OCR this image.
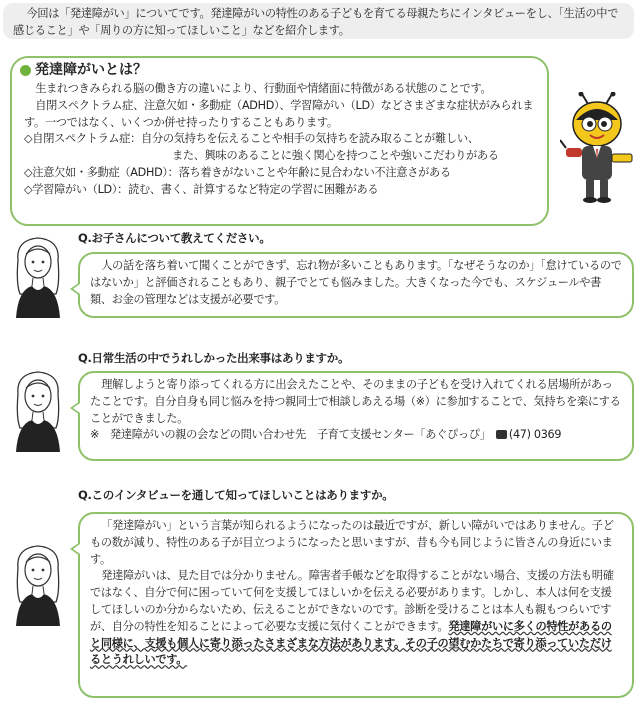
今回は「発達障がい」についてです。発達障がいの特性のある子どもを育てる母親たちにインタビューをし、「生活の中で感じること」や「周りの方に知ってほしいこと」などを紹介します。
発達障がいとは？

生まれつきみられる脳の働き方の違いにより、行動面や情緒面に特徴がある状態のことです。

自閉スペクトラム症、注意欠如・多動症（ADHD）、学習障がい（LD）などさまざまな症状がみられます。一つではなく、いくつか併せ持ったりすることもあります。

◇自閉スペクトラム症：自分の気持ちを伝えることや相手の気持ちを読み取ることが難しい、

また、興味のあることに強く関心を持つことや強いこだわりがある

◇注意欠如・多動症（ADHD）：落ち着きがないことや年齢に見合わない不注意さがある

◇学習障がい（LD）：読む、書く、計算するなど特定の学習に困難がある

Q.お子さんについて教えてください。
人の話を落ち着いて聞くことができず、忘れ物が多いこともあります。「なぜそうなのか」「怠けているのではないか」と評価されることもあり、親子でとても悩みました。大きくなった今でも、スケジュールや書類、お金の管理などは支援が必要です。
Q.日常生活の中でうれしかった出来事はありますか。
理解しようと寄り添ってくれる方に出会えたことや、そのままの子どもを受け入れてくれる居場所があったことです。自分自身も同じ悩みを持つ親同士で相談しあえる場（※）に参加することで、気持ちを楽にすることができました。

※　発達障がいの親の会などの問い合わせ先　子育て支援センター「あぐぴっぴ」　 (47) 0369

Q.このインタビューを通して知ってほしいことはありますか。
「発達障がい」という言葉が知られるようになったのは最近ですが、新しい障がいではありません。子どもの数が減り、特性のある子が目立つようになったと思いますが、昔も今も同じように皆さんの身近にいます。
発達障がいは、見た目では分かりません。障害者手帳などを取得することがない場合、支援の方法も明確ではなく、自分で何に困っていて何を支援してほしいかを伝える必要があります。しかし、本人は何を支援してほしいのか分からないため、伝えることができないのです。診断を受けることは本人も親もつらいですが、自分の特性を知ることによって必要な支援に気付くことができます。発達障がいに多くの特性があるのと同様に、支援も個人に寄り添ったさまざまな方法があります。その子の望むかたちで寄り添っていただけるとうれしいです。
